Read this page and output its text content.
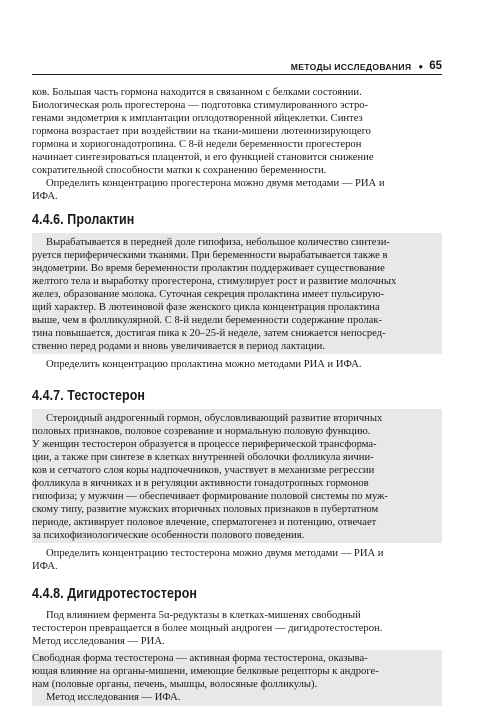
МЕТОДЫ ИССЛЕДОВАНИЯ ● 65
ков. Большая часть гормона находится в связанном с белками состоянии.
Биологическая роль прогестерона — подготовка стимулированного эстро-
генами эндометрия к имплантации оплодотворенной яйцеклетки. Синтез
гормона возрастает при воздействии на ткани-мишени лютеинизирующего
гормона и хориогонадотропина. С 8-й недели беременности прогестерон
начинает синтезироваться плацентой, и его функцией становится снижение
сократительной способности матки к сохранению беременности.
Определить концентрацию прогестерона можно двумя методами — РИА и
ИФА.
4.4.6. Пролактин
Вырабатывается в передней доле гипофиза, небольшое количество синтези-
руется периферическими тканями. При беременности вырабатывается также в
эндометрии. Во время беременности пролактин поддерживает существование
желтого тела и выработку прогестерона, стимулирует рост и развитие молочных
желез, образование молока. Суточная секреция пролактина имеет пульсирую-
щий характер. В лютеиновой фазе женского цикла концентрация пролактина
выше, чем в фолликулярной. С 8-й недели беременности содержание пролак-
тина повышается, достигая пика к 20–25-й неделе, затем снижается непосред-
ственно перед родами и вновь увеличивается в период лактации.
Определить концентрацию пролактина можно методами РИА и ИФА.
4.4.7. Тестостерон
Стероидный андрогенный гормон, обусловливающий развитие вторичных
половых признаков, половое созревание и нормальную половую функцию.
У женщин тестостерон образуется в процессе периферической трансформа-
ции, а также при синтезе в клетках внутренней оболочки фолликула яични-
ков и сетчатого слоя коры надпочечников, участвует в механизме регрессии
фолликула в яичниках и в регуляции активности гонадотропных гормонов
гипофиза; у мужчин — обеспечивает формирование половой системы по муж-
скому типу, развитие мужских вторичных половых признаков в пубертатном
периоде, активирует половое влечение, сперматогенез и потенцию, отвечает
за психофизиологические особенности полового поведения.
Определить концентрацию тестостерона можно двумя методами — РИА и
ИФА.
4.4.8. Дигидротестостерон
Под влиянием фермента 5α-редуктазы в клетках-мишенях свободный
тестостерон превращается в более мощный андроген — дигидротестостерон.
Метод исследования — РИА.
Свободная форма тестостерона — активная форма тестостерона, оказыва-
ющая влияние на органы-мишени, имеющие белковые рецепторы к андроге-
нам (половые органы, печень, мышцы, волосяные фолликулы).
Метод исследования — ИФА.
